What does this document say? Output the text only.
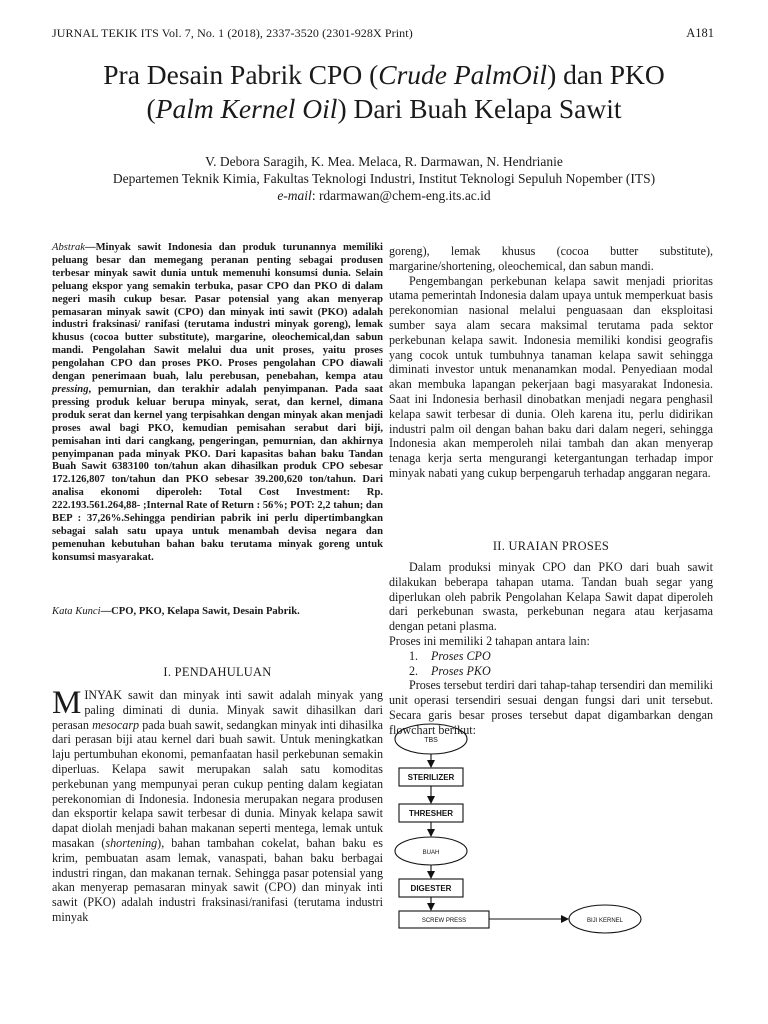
JURNAL TEKIK ITS Vol. 7, No. 1 (2018), 2337-3520 (2301-928X Print)	A181
Pra Desain Pabrik CPO (Crude PalmOil) dan PKO
(Palm Kernel Oil) Dari Buah Kelapa Sawit
V. Debora Saragih, K. Mea. Melaca, R. Darmawan, N. Hendrianie
Departemen Teknik Kimia, Fakultas Teknologi Industri, Institut Teknologi Sepuluh Nopember (ITS)
e-mail: rdarmawan@chem-eng.its.ac.id
Abstrak—Minyak sawit Indonesia dan produk turunannya memiliki peluang besar dan memegang peranan penting sebagai produsen terbesar minyak sawit dunia untuk memenuhi konsumsi dunia. Selain peluang ekspor yang semakin terbuka, pasar CPO dan PKO di dalam negeri masih cukup besar. Pasar potensial yang akan menyerap pemasaran minyak sawit (CPO) dan minyak inti sawit (PKO) adalah industri fraksinasi/ ranifasi (terutama industri minyak goreng), lemak khusus (cocoa butter substitute), margarine, oleochemical,dan sabun mandi. Pengolahan Sawit melalui dua unit proses, yaitu proses pengolahan CPO dan proses PKO. Proses pengolahan CPO diawali dengan penerimaan buah, lalu perebusan, penebahan, kempa atau pressing, pemurnian, dan terakhir adalah penyimpanan. Pada saat pressing produk keluar berupa minyak, serat, dan kernel, dimana produk serat dan kernel yang terpisahkan dengan minyak akan menjadi proses awal bagi PKO, kemudian pemisahan serabut dari biji, pemisahan inti dari cangkang, pengeringan, pemurnian, dan akhirnya penyimpanan pada minyak PKO. Dari kapasitas bahan baku Tandan Buah Sawit 6383100 ton/tahun akan dihasilkan produk CPO sebesar 172.126,807 ton/tahun dan PKO sebesar 39.200,620 ton/tahun. Dari analisa ekonomi diperoleh: Total Cost Investment: Rp. 222.193.561.264,88- ;Internal Rate of Return : 56%; POT: 2,2 tahun; dan BEP : 37,26%.Sehingga pendirian pabrik ini perlu dipertimbangkan sebagai salah satu upaya untuk menambah devisa negara dan pemenuhan kebutuhan bahan baku terutama minyak goreng untuk konsumsi masyarakat.
Kata Kunci—CPO, PKO, Kelapa Sawit, Desain Pabrik.
I. PENDAHULUAN
MINYAK sawit dan minyak inti sawit adalah minyak yang paling diminati di dunia. Minyak sawit dihasilkan dari perasan mesocarp pada buah sawit, sedangkan minyak inti dihasilka dari perasan biji atau kernel dari buah sawit. Untuk meningkatkan laju pertumbuhan ekonomi, pemanfaatan hasil perkebunan semakin diperluas. Kelapa sawit merupakan salah satu komoditas perkebunan yang mempunyai peran cukup penting dalam kegiatan perekonomian di Indonesia. Indonesia merupakan negara produsen dan eksportir kelapa sawit terbesar di dunia. Minyak kelapa sawit dapat diolah menjadi bahan makanan seperti mentega, lemak untuk masakan (shortening), bahan tambahan cokelat, bahan baku es krim, pembuatan asam lemak, vanaspati, bahan baku berbagai industri ringan, dan makanan ternak. Sehingga pasar potensial yang akan menyerap pemasaran minyak sawit (CPO) dan minyak inti sawit (PKO) adalah industri fraksinasi/ranifasi (terutama industri minyak

goreng), lemak khusus (cocoa butter substitute), margarine/shortening, oleochemical, dan sabun mandi.

Pengembangan perkebunan kelapa sawit menjadi prioritas utama pemerintah Indonesia dalam upaya untuk memperkuat basis perekonomian nasional melalui penguasaan dan eksploitasi sumber saya alam secara maksimal terutama pada sektor perkebunan kelapa sawit. Indonesia memiliki kondisi geografis yang cocok untuk tumbuhnya tanaman kelapa sawit sehingga diminati investor untuk menanamkan modal. Penyediaan modal akan membuka lapangan pekerjaan bagi masyarakat Indonesia. Saat ini Indonesia berhasil dinobatkan menjadi negara penghasil kelapa sawit terbesar di dunia. Oleh karena itu, perlu didirikan industri palm oil dengan bahan baku dari dalam negeri, sehingga Indonesia akan memperoleh nilai tambah dan akan menyerap tenaga kerja serta mengurangi ketergantungan terhadap impor minyak nabati yang cukup berpengaruh terhadap anggaran negara.

II. URAIAN PROSES

Dalam produksi minyak CPO dan PKO dari buah sawit dilakukan beberapa tahapan utama. Tandan buah segar yang diperlukan oleh pabrik Pengolahan Kelapa Sawit dapat diperoleh dari perkebunan swasta, perkebunan negara atau kerjasama dengan petani plasma.

Proses ini memiliki 2 tahapan antara lain:

1. Proses CPO
2. Proses PKO

Proses tersebut terdiri dari tahap-tahap tersendiri dan memiliki unit operasi tersendiri sesuai dengan fungsi dari unit tersebut. Secara garis besar proses tersebut dapat digambarkan dengan flowchart berikut:

TBS
STERILIZER
THRESHER
BUAH
DIGESTER
SCREW PRESS	BIJI KERNEL
